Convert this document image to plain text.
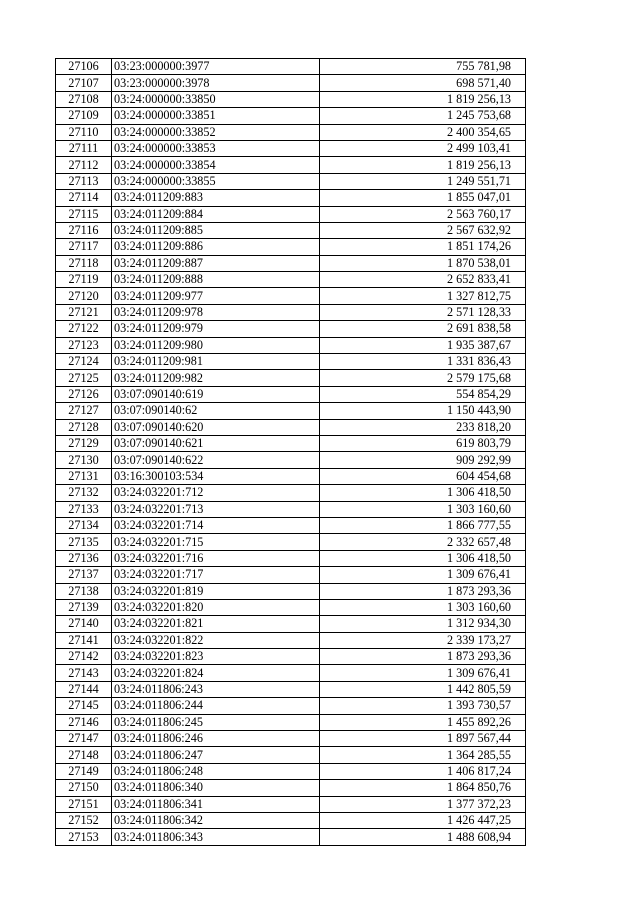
27106	03:23:000000:3977	755 781,98
27107	03:23:000000:3978	698 571,40
27108	03:24:000000:33850	1 819 256,13
27109	03:24:000000:33851	1 245 753,68
27110	03:24:000000:33852	2 400 354,65
27111	03:24:000000:33853	2 499 103,41
27112	03:24:000000:33854	1 819 256,13
27113	03:24:000000:33855	1 249 551,71
27114	03:24:011209:883	1 855 047,01
27115	03:24:011209:884	2 563 760,17
27116	03:24:011209:885	2 567 632,92
27117	03:24:011209:886	1 851 174,26
27118	03:24:011209:887	1 870 538,01
27119	03:24:011209:888	2 652 833,41
27120	03:24:011209:977	1 327 812,75
27121	03:24:011209:978	2 571 128,33
27122	03:24:011209:979	2 691 838,58
27123	03:24:011209:980	1 935 387,67
27124	03:24:011209:981	1 331 836,43
27125	03:24:011209:982	2 579 175,68
27126	03:07:090140:619	554 854,29
27127	03:07:090140:62	1 150 443,90
27128	03:07:090140:620	233 818,20
27129	03:07:090140:621	619 803,79
27130	03:07:090140:622	909 292,99
27131	03:16:300103:534	604 454,68
27132	03:24:032201:712	1 306 418,50
27133	03:24:032201:713	1 303 160,60
27134	03:24:032201:714	1 866 777,55
27135	03:24:032201:715	2 332 657,48
27136	03:24:032201:716	1 306 418,50
27137	03:24:032201:717	1 309 676,41
27138	03:24:032201:819	1 873 293,36
27139	03:24:032201:820	1 303 160,60
27140	03:24:032201:821	1 312 934,30
27141	03:24:032201:822	2 339 173,27
27142	03:24:032201:823	1 873 293,36
27143	03:24:032201:824	1 309 676,41
27144	03:24:011806:243	1 442 805,59
27145	03:24:011806:244	1 393 730,57
27146	03:24:011806:245	1 455 892,26
27147	03:24:011806:246	1 897 567,44
27148	03:24:011806:247	1 364 285,55
27149	03:24:011806:248	1 406 817,24
27150	03:24:011806:340	1 864 850,76
27151	03:24:011806:341	1 377 372,23
27152	03:24:011806:342	1 426 447,25
27153	03:24:011806:343	1 488 608,94
